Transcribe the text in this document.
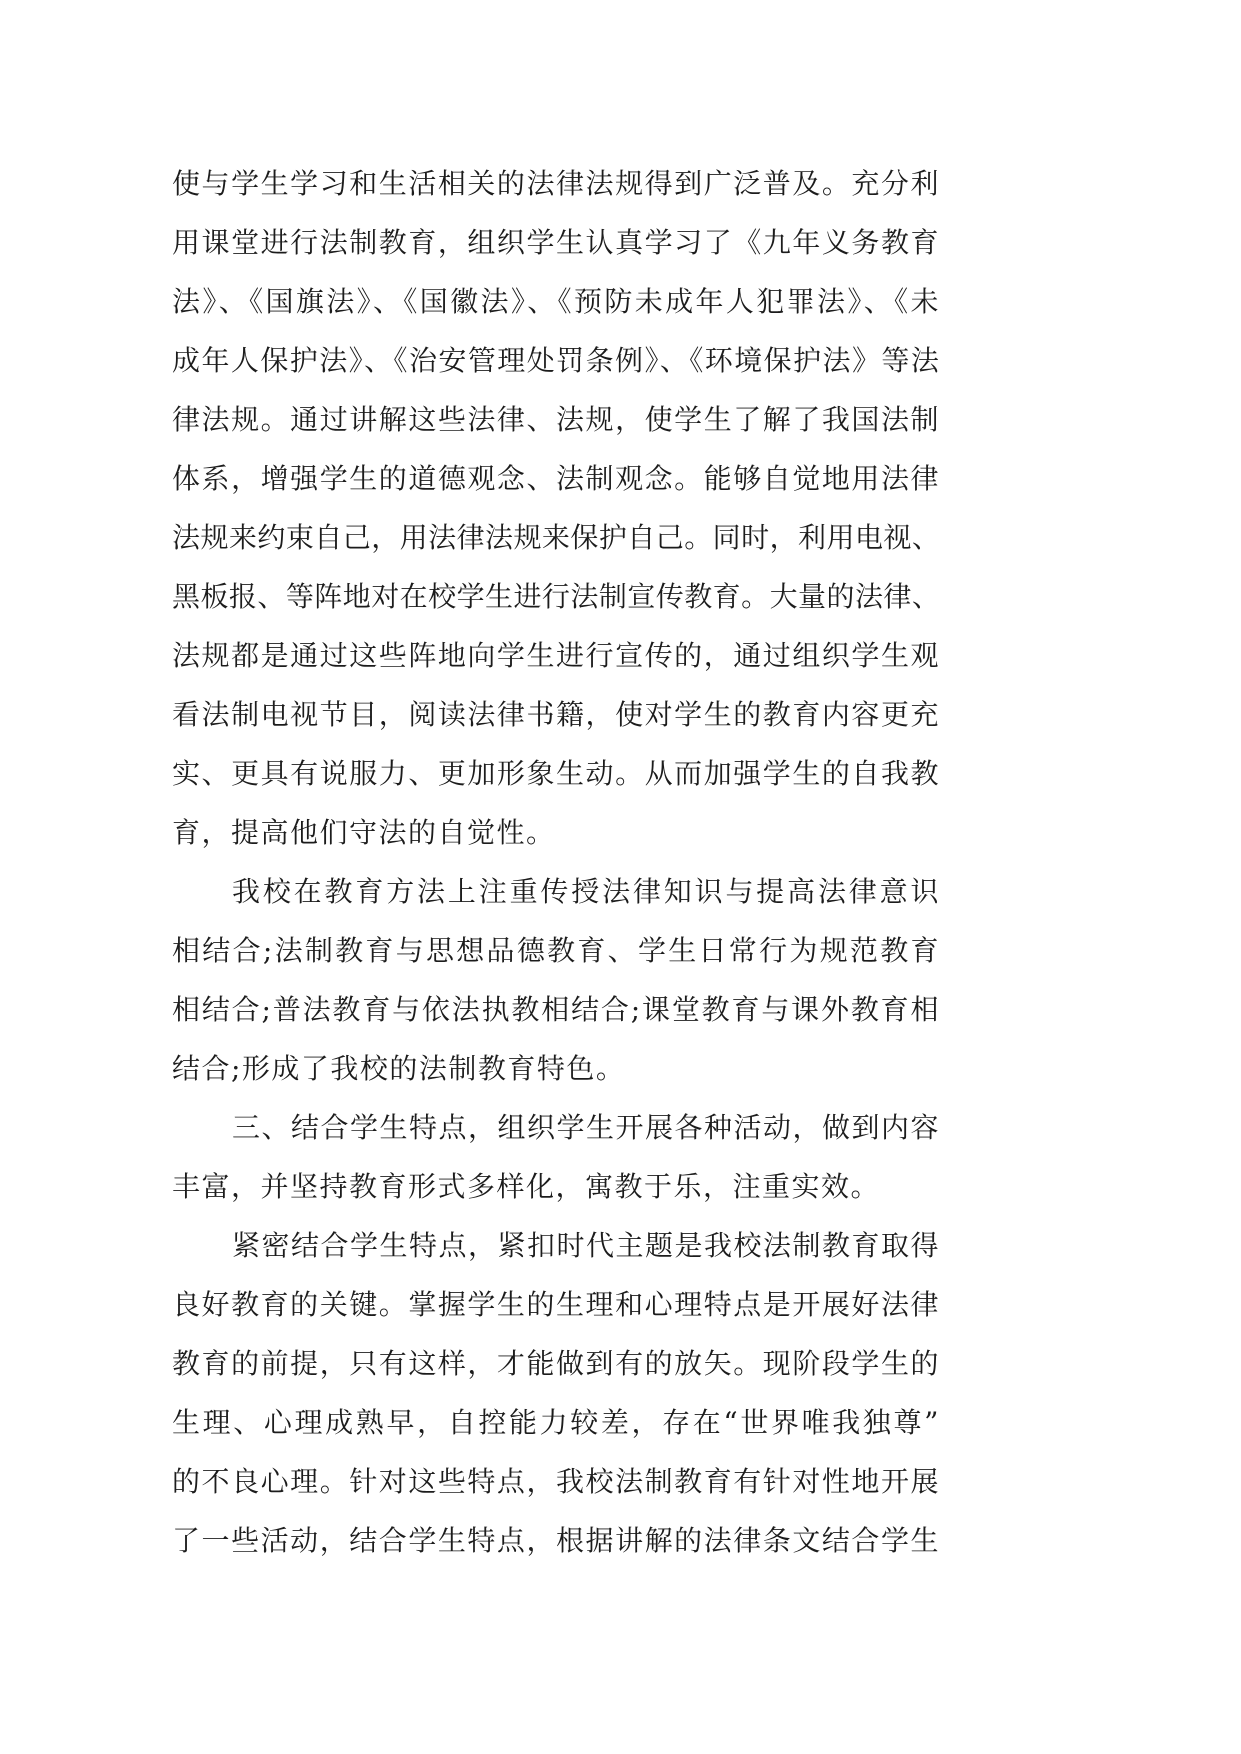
使与学生学习和生活相关的法律法规得到广泛普及。充分利
用课堂进行法制教育，组织学生认真学习了《九年义务教育
法》、《国旗法》、《国徽法》、《预防未成年人犯罪法》、《未
成年人保护法》、《治安管理处罚条例》、《环境保护法》等法
律法规。通过讲解这些法律、法规，使学生了解了我国法制
体系，增强学生的道德观念、法制观念。能够自觉地用法律
法规来约束自己，用法律法规来保护自己。同时，利用电视、
黑板报、等阵地对在校学生进行法制宣传教育。大量的法律、
法规都是通过这些阵地向学生进行宣传的，通过组织学生观
看法制电视节目，阅读法律书籍，使对学生的教育内容更充
实、更具有说服力、更加形象生动。从而加强学生的自我教
育，提高他们守法的自觉性。
我校在教育方法上注重传授法律知识与提高法律意识
相结合;法制教育与思想品德教育、学生日常行为规范教育
相结合;普法教育与依法执教相结合;课堂教育与课外教育相
结合;形成了我校的法制教育特色。
三、结合学生特点，组织学生开展各种活动，做到内容
丰富，并坚持教育形式多样化，寓教于乐，注重实效。
紧密结合学生特点，紧扣时代主题是我校法制教育取得
良好教育的关键。掌握学生的生理和心理特点是开展好法律
教育的前提，只有这样，才能做到有的放矢。现阶段学生的
生理、心理成熟早，自控能力较差，存在“世界唯我独尊”
的不良心理。针对这些特点，我校法制教育有针对性地开展
了一些活动，结合学生特点，根据讲解的法律条文结合学生
